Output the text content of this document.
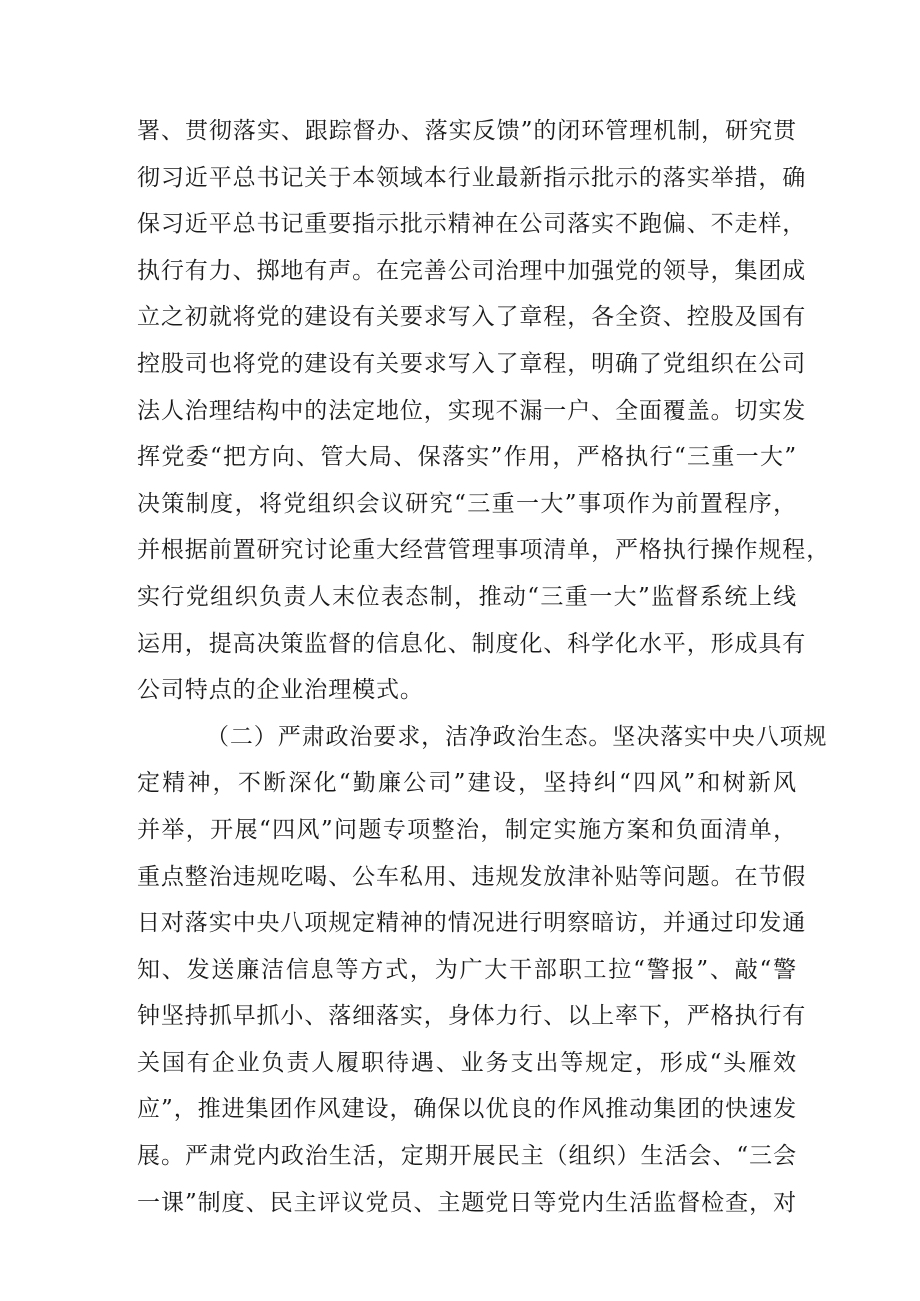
署、贯彻落实、跟踪督办、落实反馈”的闭环管理机制，研究贯
彻习近平总书记关于本领域本行业最新指示批示的落实举措，确
保习近平总书记重要指示批示精神在公司落实不跑偏、不走样，
执行有力、掷地有声。在完善公司治理中加强党的领导，集团成
立之初就将党的建设有关要求写入了章程，各全资、控股及国有
控股司也将党的建设有关要求写入了章程，明确了党组织在公司
法人治理结构中的法定地位，实现不漏一户、全面覆盖。切实发
挥党委“把方向、管大局、保落实”作用，严格执行“三重一大”
决策制度，将党组织会议研究“三重一大”事项作为前置程序，
并根据前置研究讨论重大经营管理事项清单，严格执行操作规程，
实行党组织负责人末位表态制，推动“三重一大”监督系统上线
运用，提高决策监督的信息化、制度化、科学化水平，形成具有
公司特点的企业治理模式。
（二）严肃政治要求，洁净政治生态。坚决落实中央八项规
定精神，不断深化“勤廉公司”建设，坚持纠“四风”和树新风
并举，开展“四风”问题专项整治，制定实施方案和负面清单，
重点整治违规吃喝、公车私用、违规发放津补贴等问题。在节假
日对落实中央八项规定精神的情况进行明察暗访，并通过印发通
知、发送廉洁信息等方式，为广大干部职工拉“警报”、敲“警
钟坚持抓早抓小、落细落实，身体力行、以上率下，严格执行有
关国有企业负责人履职待遇、业务支出等规定，形成“头雁效
应”，推进集团作风建设，确保以优良的作风推动集团的快速发
展。严肃党内政治生活，定期开展民主（组织）生活会、“三会
一课”制度、民主评议党员、主题党日等党内生活监督检查，对
